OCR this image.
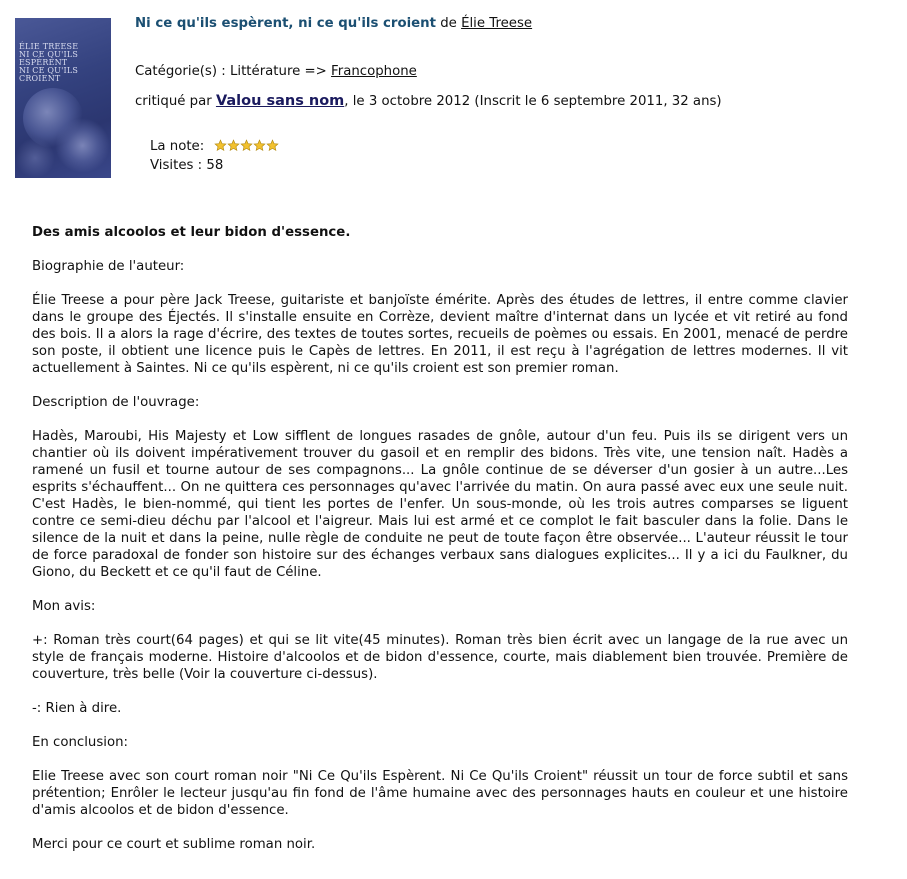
ÉLIE TREESE
NI CE QU'ILS ESPÈRENT
NI CE QU'ILS CROIENT
Ni ce qu'ils espèrent, ni ce qu'ils croient de Élie Treese
Catégorie(s) : Littérature => Francophone
critiqué par Valou sans nom, le 3 octobre 2012 (Inscrit le 6 septembre 2011, 32 ans)
La note:
Visites : 58

Des amis alcoolos et leur bidon d'essence.

Biographie de l'auteur:

Élie Treese a pour père Jack Treese, guitariste et banjoïste émérite. Après des études de lettres, il entre comme clavier dans le groupe des Éjectés. Il s'installe ensuite en Corrèze, devient maître d'internat dans un lycée et vit retiré au fond des bois. Il a alors la rage d'écrire, des textes de toutes sortes, recueils de poèmes ou essais. En 2001, menacé de perdre son poste, il obtient une licence puis le Capès de lettres. En 2011, il est reçu à l'agrégation de lettres modernes. Il vit actuellement à Saintes. Ni ce qu'ils espèrent, ni ce qu'ils croient est son premier roman.

Description de l'ouvrage:

Hadès, Maroubi, His Majesty et Low sifflent de longues rasades de gnôle, autour d'un feu. Puis ils se dirigent vers un chantier où ils doivent impérativement trouver du gasoil et en remplir des bidons. Très vite, une tension naît. Hadès a ramené un fusil et tourne autour de ses compagnons... La gnôle continue de se déverser d'un gosier à un autre...Les esprits s'échauffent... On ne quittera ces personnages qu'avec l'arrivée du matin. On aura passé avec eux une seule nuit. C'est Hadès, le bien-nommé, qui tient les portes de l'enfer. Un sous-monde, où les trois autres comparses se liguent contre ce semi-dieu déchu par l'alcool et l'aigreur. Mais lui est armé et ce complot le fait basculer dans la folie. Dans le silence de la nuit et dans la peine, nulle règle de conduite ne peut de toute façon être observée... L'auteur réussit le tour de force paradoxal de fonder son histoire sur des échanges verbaux sans dialogues explicites... Il y a ici du Faulkner, du Giono, du Beckett et ce qu'il faut de Céline.

Mon avis:

+: Roman très court(64 pages) et qui se lit vite(45 minutes). Roman très bien écrit avec un langage de la rue avec un style de français moderne. Histoire d'alcoolos et de bidon d'essence, courte, mais diablement bien trouvée. Première de couverture, très belle (Voir la couverture ci-dessus).

-: Rien à dire.

En conclusion:

Elie Treese avec son court roman noir "Ni Ce Qu'ils Espèrent. Ni Ce Qu'ils Croient" réussit un tour de force subtil et sans prétention; Enrôler le lecteur jusqu'au fin fond de l'âme humaine avec des personnages hauts en couleur et une histoire d'amis alcoolos et de bidon d'essence.

Merci pour ce court et sublime roman noir.
